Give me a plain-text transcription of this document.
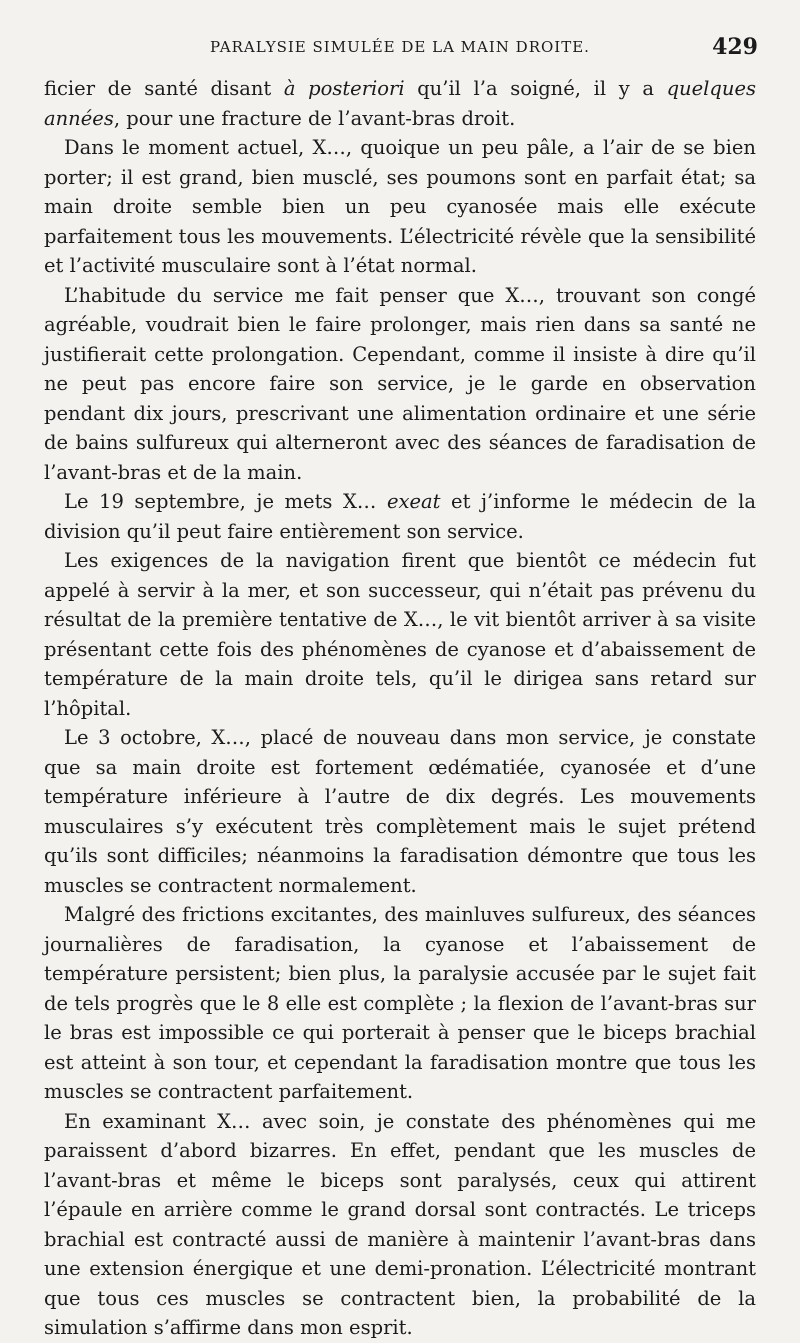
PARALYSIE SIMULÉE DE LA MAIN DROITE.	429

ficier de santé disant à posteriori qu’il l’a soigné, il y a quelques années, pour une fracture de l’avant-bras droit.

Dans le moment actuel, X…, quoique un peu pâle, a l’air de se bien porter; il est grand, bien musclé, ses poumons sont en parfait état; sa main droite semble bien un peu cyanosée mais elle exécute parfaitement tous les mouvements. L’électricité révèle que la sensibilité et l’activité musculaire sont à l’état normal.

L’habitude du service me fait penser que X…, trouvant son congé agréable, voudrait bien le faire prolonger, mais rien dans sa santé ne justifierait cette prolongation. Cependant, comme il insiste à dire qu’il ne peut pas encore faire son service, je le garde en observation pendant dix jours, prescrivant une alimentation ordinaire et une série de bains sulfureux qui alterneront avec des séances de faradisation de l’avant-bras et de la main.

Le 19 septembre, je mets X… exeat et j’informe le médecin de la division qu’il peut faire entièrement son service.

Les exigences de la navigation firent que bientôt ce médecin fut appelé à servir à la mer, et son successeur, qui n’était pas prévenu du résultat de la première tentative de X…, le vit bientôt arriver à sa visite présentant cette fois des phénomènes de cyanose et d’abaissement de température de la main droite tels, qu’il le dirigea sans retard sur l’hôpital.

Le 3 octobre, X…, placé de nouveau dans mon service, je constate que sa main droite est fortement œdématiée, cyanosée et d’une température inférieure à l’autre de dix degrés. Les mouvements musculaires s’y exécutent très complètement mais le sujet prétend qu’ils sont difficiles; néanmoins la faradisation démontre que tous les muscles se contractent normalement.

Malgré des frictions excitantes, des mainluves sulfureux, des séances journalières de faradisation, la cyanose et l’abaissement de température persistent; bien plus, la paralysie accusée par le sujet fait de tels progrès que le 8 elle est complète ; la flexion de l’avant-bras sur le bras est impossible ce qui porterait à penser que le biceps brachial est atteint à son tour, et cependant la faradisation montre que tous les muscles se contractent parfaitement.

En examinant X… avec soin, je constate des phénomènes qui me paraissent d’abord bizarres. En effet, pendant que les muscles de l’avant-bras et même le biceps sont paralysés, ceux qui attirent l’épaule en arrière comme le grand dorsal sont contractés. Le triceps brachial est contracté aussi de manière à maintenir l’avant-bras dans une extension énergique et une demi-pronation. L’électricité montrant que tous ces muscles se contractent bien, la probabilité de la simulation s’affirme dans mon esprit.
